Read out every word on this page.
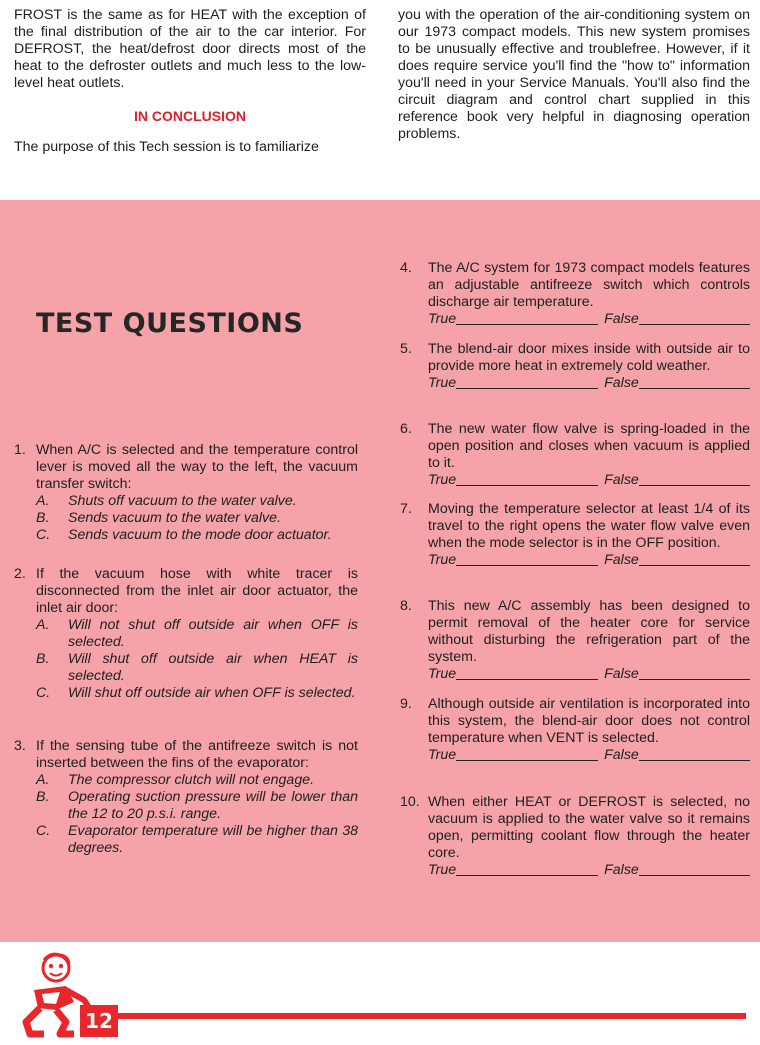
FROST is the same as for HEAT with the exception of the final distribution of the air to the car interior. For DEFROST, the heat/defrost door directs most of the heat to the defroster outlets and much less to the low-level heat outlets.

IN CONCLUSION

The purpose of this Tech session is to familiarize

you with the operation of the air-conditioning system on our 1973 compact models. This new system promises to be unusually effective and troublefree. However, if it does require service you'll find the "how to" information you'll need in your Service Manuals. You'll also find the circuit diagram and control chart supplied in this reference book very helpful in diagnosing operation problems.

TEST QUESTIONS
1. When A/C is selected and the temperature control lever is moved all the way to the left, the vacuum transfer switch:
A.	Shuts off vacuum to the water valve.
B.	Sends vacuum to the water valve.
C.	Sends vacuum to the mode door actuator.
2. If the vacuum hose with white tracer is disconnected from the inlet air door actuator, the inlet air door:
A.	Will not shut off outside air when OFF is selected.
B.	Will shut off outside air when HEAT is selected.
C.	Will shut off outside air when OFF is selected.
3. If the sensing tube of the antifreeze switch is not inserted between the fins of the evaporator:
A.	The compressor clutch will not engage.
B.	Operating suction pressure will be lower than the 12 to 20 p.s.i. range.
C.	Evaporator temperature will be higher than 38 degrees.
4.	The A/C system for 1973 compact models features an adjustable antifreeze switch which controls discharge air temperature.
True	False
5.	The blend-air door mixes inside with outside air to provide more heat in extremely cold weather.
True	False
6.	The new water flow valve is spring-loaded in the open position and closes when vacuum is applied to it.
True	False
7.	Moving the temperature selector at least 1/4 of its travel to the right opens the water flow valve even when the mode selector is in the OFF position.
True	False
8.	This new A/C assembly has been designed to permit removal of the heater core for service without disturbing the refrigeration part of the system.
True	False
9.	Although outside air ventilation is incorporated into this system, the blend-air door does not control temperature when VENT is selected.
True	False
10. When either HEAT or DEFROST is selected, no vacuum is applied to the water valve so it remains open, permitting coolant flow through the heater core.
True	False
12
